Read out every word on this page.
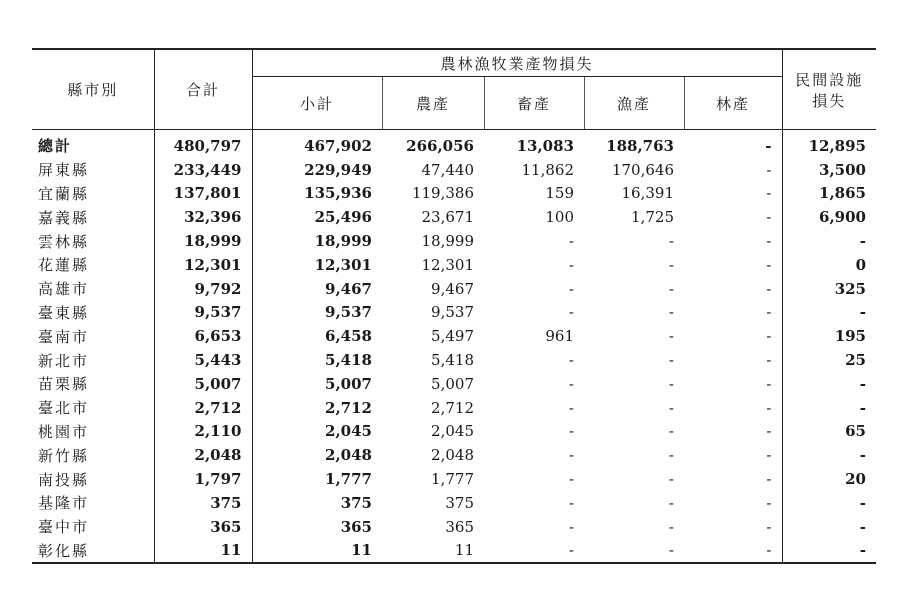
縣市別	合計	農林漁牧業產物損失					民間設施
損失

		小計	農產	畜產	漁產	林產	
總計	480,797	467,902	266,056	13,083	188,763	-	12,895
屏東縣	233,449	229,949	47,440	11,862	170,646	-	3,500
宜蘭縣	137,801	135,936	119,386	159	16,391	-	1,865
嘉義縣	32,396	25,496	23,671	100	1,725	-	6,900
雲林縣	18,999	18,999	18,999	-	-	-	-
花蓮縣	12,301	12,301	12,301	-	-	-	0
高雄市	9,792	9,467	9,467	-	-	-	325
臺東縣	9,537	9,537	9,537	-	-	-	-
臺南市	6,653	6,458	5,497	961	-	-	195
新北市	5,443	5,418	5,418	-	-	-	25
苗栗縣	5,007	5,007	5,007	-	-	-	-
臺北市	2,712	2,712	2,712	-	-	-	-
桃園市	2,110	2,045	2,045	-	-	-	65
新竹縣	2,048	2,048	2,048	-	-	-	-
南投縣	1,797	1,777	1,777	-	-	-	20
基隆市	375	375	375	-	-	-	-
臺中市	365	365	365	-	-	-	-
彰化縣	11	11	11	-	-	-	-
